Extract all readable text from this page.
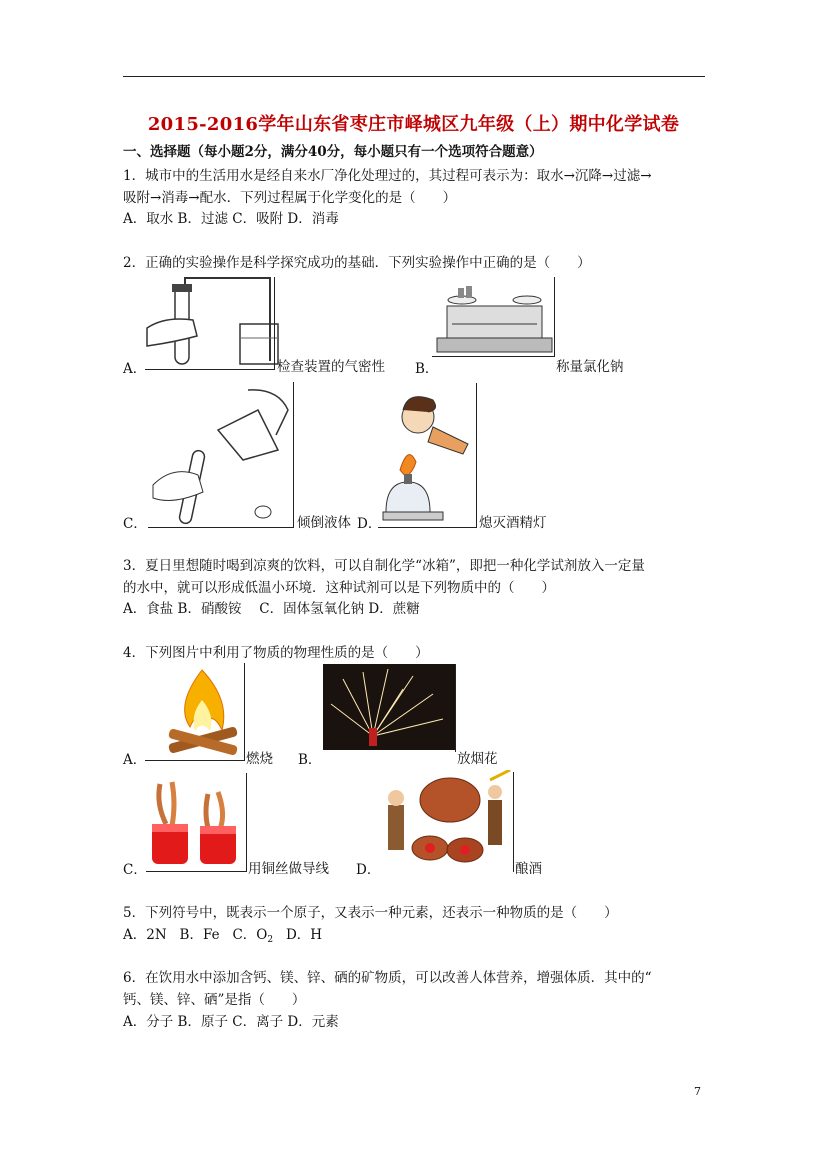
2015-2016学年山东省枣庄市峄城区九年级（上）期中化学试卷
一、选择题（每小题2分，满分40分，每小题只有一个选项符合题意）
1．城市中的生活用水是经自来水厂净化处理过的，其过程可表示为：取水→沉降→过滤→
吸附→消毒→配水．下列过程属于化学变化的是（　　）
A．取水 B．过滤 C．吸附 D．消毒
2．正确的实验操作是科学探究成功的基础．下列实验操作中正确的是（　　）
A．	检查装置的气密性 B．	称量氯化钠
C．	倾倒液体 D．	熄灭酒精灯
3．夏日里想随时喝到凉爽的饮料，可以自制化学“冰箱”，即把一种化学试剂放入一定量
的水中，就可以形成低温小环境．这种试剂可以是下列物质中的（　　）
A．食盐 B．硝酸铵　 C．固体氢氧化钠 D．蔗糖
4．下列图片中利用了物质的物理性质的是（　　）
A．	燃烧 B．	放烟花
C．	用铜丝做导线 D．	酿酒
5．下列符号中，既表示一个原子，又表示一种元素，还表示一种物质的是（　　）
A．2N B．Fe C．$O_2$ D．H
6．在饮用水中添加含钙、镁、锌、硒的矿物质，可以改善人体营养，增强体质．其中的“
钙、镁、锌、硒”是指（　　）
A．分子 B．原子 C．离子 D．元素
7
